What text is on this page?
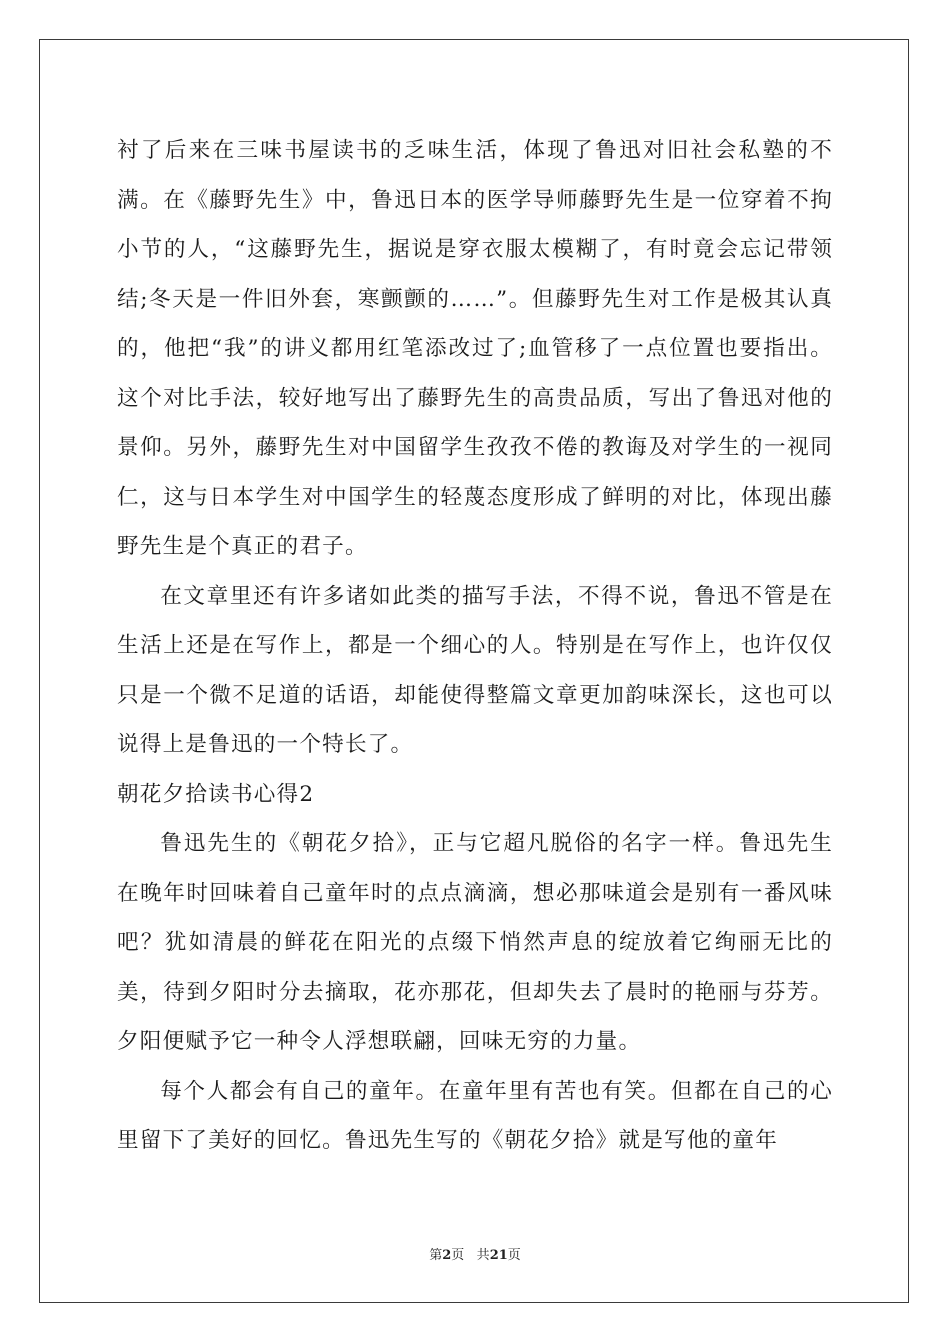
衬了后来在三味书屋读书的乏味生活，体现了鲁迅对旧社会私塾的不满。在《藤野先生》中，鲁迅日本的医学导师藤野先生是一位穿着不拘小节的人，“这藤野先生，据说是穿衣服太模糊了，有时竟会忘记带领结;冬天是一件旧外套，寒颤颤的……”。但藤野先生对工作是极其认真的，他把“我”的讲义都用红笔添改过了;血管移了一点位置也要指出。这个对比手法，较好地写出了藤野先生的高贵品质，写出了鲁迅对他的景仰。另外，藤野先生对中国留学生孜孜不倦的教诲及对学生的一视同仁，这与日本学生对中国学生的轻蔑态度形成了鲜明的对比，体现出藤野先生是个真正的君子。

在文章里还有许多诸如此类的描写手法，不得不说，鲁迅不管是在生活上还是在写作上，都是一个细心的人。特别是在写作上，也许仅仅只是一个微不足道的话语，却能使得整篇文章更加韵味深长，这也可以说得上是鲁迅的一个特长了。

朝花夕拾读书心得2

鲁迅先生的《朝花夕拾》，正与它超凡脱俗的名字一样。鲁迅先生在晚年时回味着自己童年时的点点滴滴，想必那味道会是别有一番风味吧？犹如清晨的鲜花在阳光的点缀下悄然声息的绽放着它绚丽无比的美，待到夕阳时分去摘取，花亦那花，但却失去了晨时的艳丽与芬芳。夕阳便赋予它一种令人浮想联翩，回味无穷的力量。

每个人都会有自己的童年。在童年里有苦也有笑。但都在自己的心里留下了美好的回忆。鲁迅先生写的《朝花夕拾》就是写他的童年

第2页 共21页
